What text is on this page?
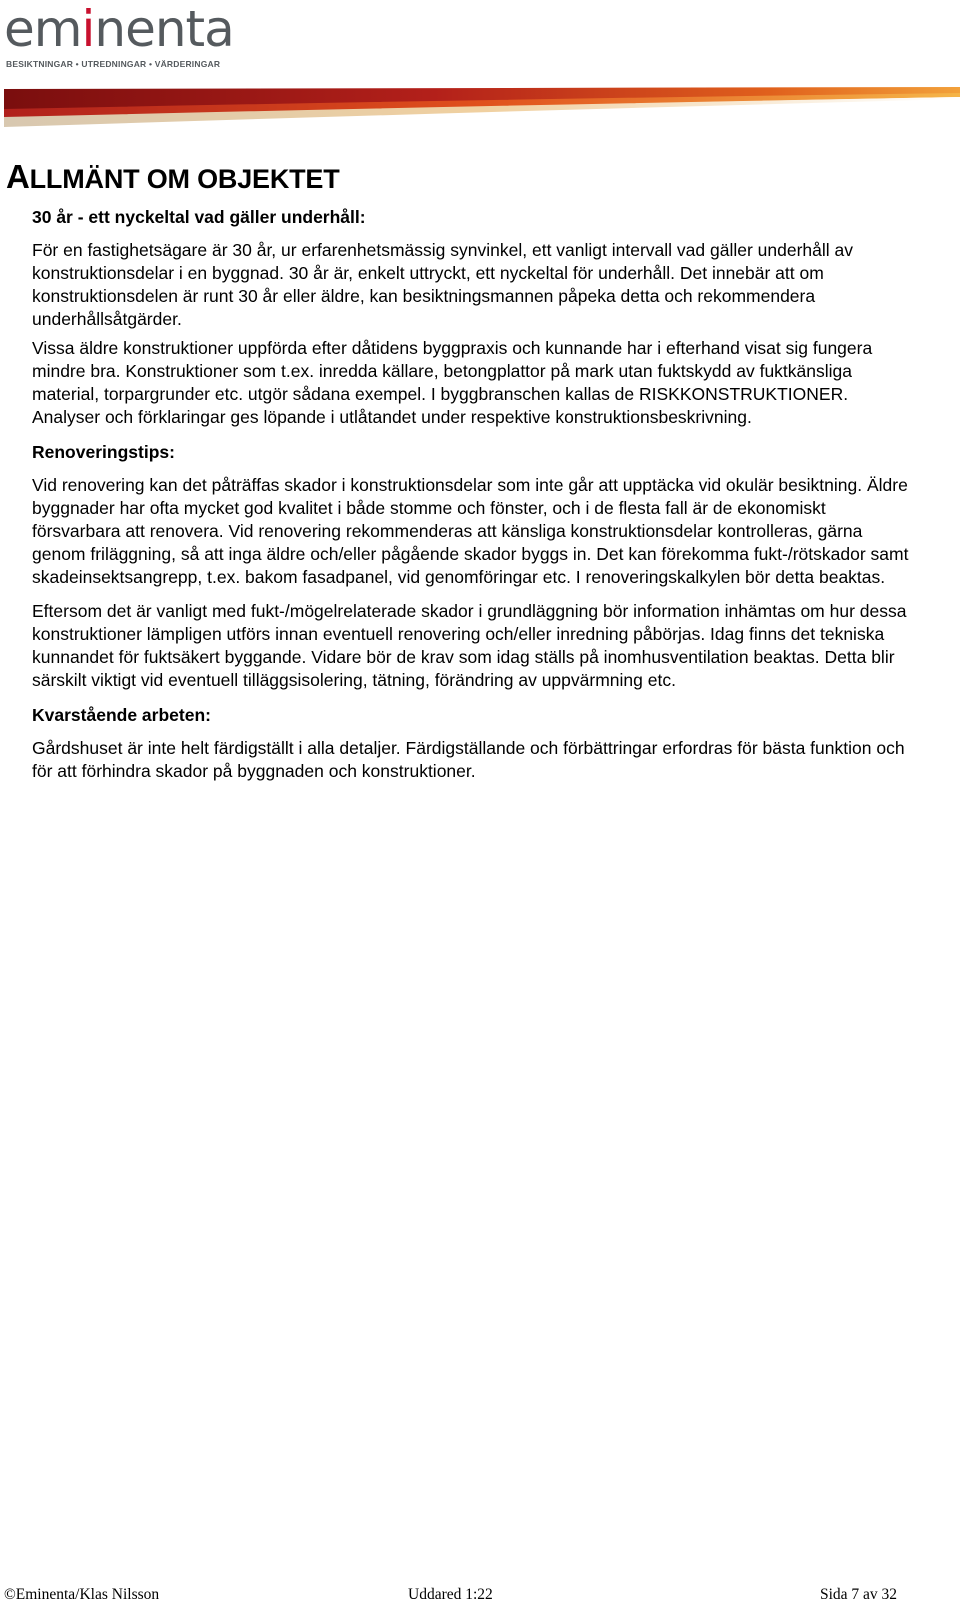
eminenta
BESIKTNINGAR • UTREDNINGAR • VÄRDERINGAR
ALLMÄNT OM OBJEKTET
30 år - ett nyckeltal vad gäller underhåll:

För en fastighetsägare är 30 år, ur erfarenhetsmässig synvinkel, ett vanligt intervall vad gäller underhåll av konstruktionsdelar i en byggnad. 30 år är, enkelt uttryckt, ett nyckeltal för underhåll. Det innebär att om konstruktionsdelen är runt 30 år eller äldre, kan besiktningsmannen påpeka detta och rekommendera underhållsåtgärder.

Vissa äldre konstruktioner uppförda efter dåtidens byggpraxis och kunnande har i efterhand visat sig fungera mindre bra. Konstruktioner som t.ex. inredda källare, betongplattor på mark utan fuktskydd av fuktkänsliga material, torpargrunder etc. utgör sådana exempel. I byggbranschen kallas de RISKKONSTRUKTIONER. Analyser och förklaringar ges löpande i utlåtandet under respektive konstruktionsbeskrivning.

Renoveringstips:

Vid renovering kan det påträffas skador i konstruktionsdelar som inte går att upptäcka vid okulär besiktning. Äldre byggnader har ofta mycket god kvalitet i både stomme och fönster, och i de flesta fall är de ekonomiskt försvarbara att renovera. Vid renovering rekommenderas att känsliga konstruktionsdelar kontrolleras, gärna genom friläggning, så att inga äldre och/eller pågående skador byggs in. Det kan förekomma fukt-/rötskador samt skadeinsektsangrepp, t.ex. bakom fasadpanel, vid genomföringar etc. I renoveringskalkylen bör detta beaktas.

Eftersom det är vanligt med fukt-/mögelrelaterade skador i grundläggning bör information inhämtas om hur dessa konstruktioner lämpligen utförs innan eventuell renovering och/eller inredning påbörjas. Idag finns det tekniska kunnandet för fuktsäkert byggande. Vidare bör de krav som idag ställs på inomhusventilation beaktas. Detta blir särskilt viktigt vid eventuell tilläggsisolering, tätning, förändring av uppvärmning etc.

Kvarstående arbeten:

Gårdshuset är inte helt färdigställt i alla detaljer. Färdigställande och förbättringar erfordras för bästa funktion och för att förhindra skador på byggnaden och konstruktioner.

©Eminenta/Klas Nilsson	Uddared 1:22	Sida 7 av 32
